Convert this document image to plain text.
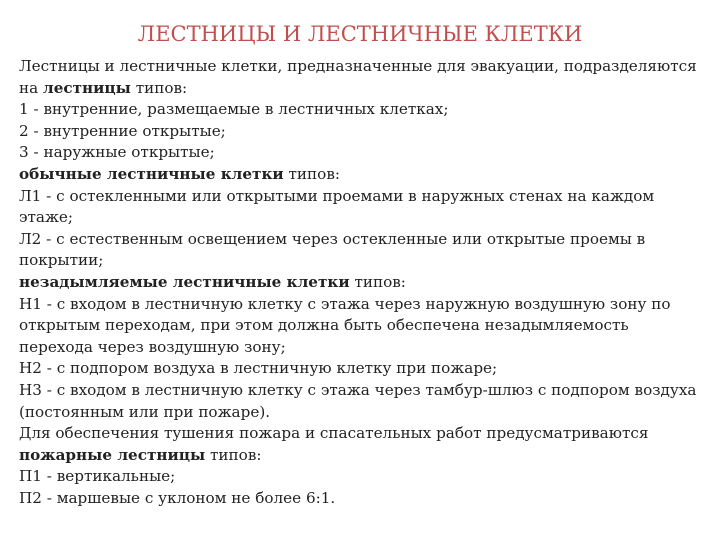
ЛЕСТНИЦЫ И ЛЕСТНИЧНЫЕ КЛЕТКИ

Лестницы и лестничные клетки, предназначенные для эвакуации, подразделяются на лестницы типов:

1 - внутренние, размещаемые в лестничных клетках;

2 - внутренние открытые;

3 - наружные открытые;

обычные лестничные клетки типов:

Л1 - с остекленными или открытыми проемами в наружных стенах на каждом этаже;

Л2 - с естественным освещением через остекленные или открытые проемы в покрытии;

незадымляемые лестничные клетки типов:

Н1 - с входом в лестничную клетку с этажа через наружную воздушную зону по открытым переходам, при этом должна быть обеспечена незадымляемость перехода через воздушную зону;

Н2 - с подпором воздуха в лестничную клетку при пожаре;

Н3 - с входом в лестничную клетку с этажа через тамбур-шлюз с подпором воздуха (постоянным или при пожаре).

Для обеспечения тушения пожара и спасательных работ предусматриваются

пожарные лестницы типов:

П1 - вертикальные;

П2 - маршевые с уклоном не более 6:1.
